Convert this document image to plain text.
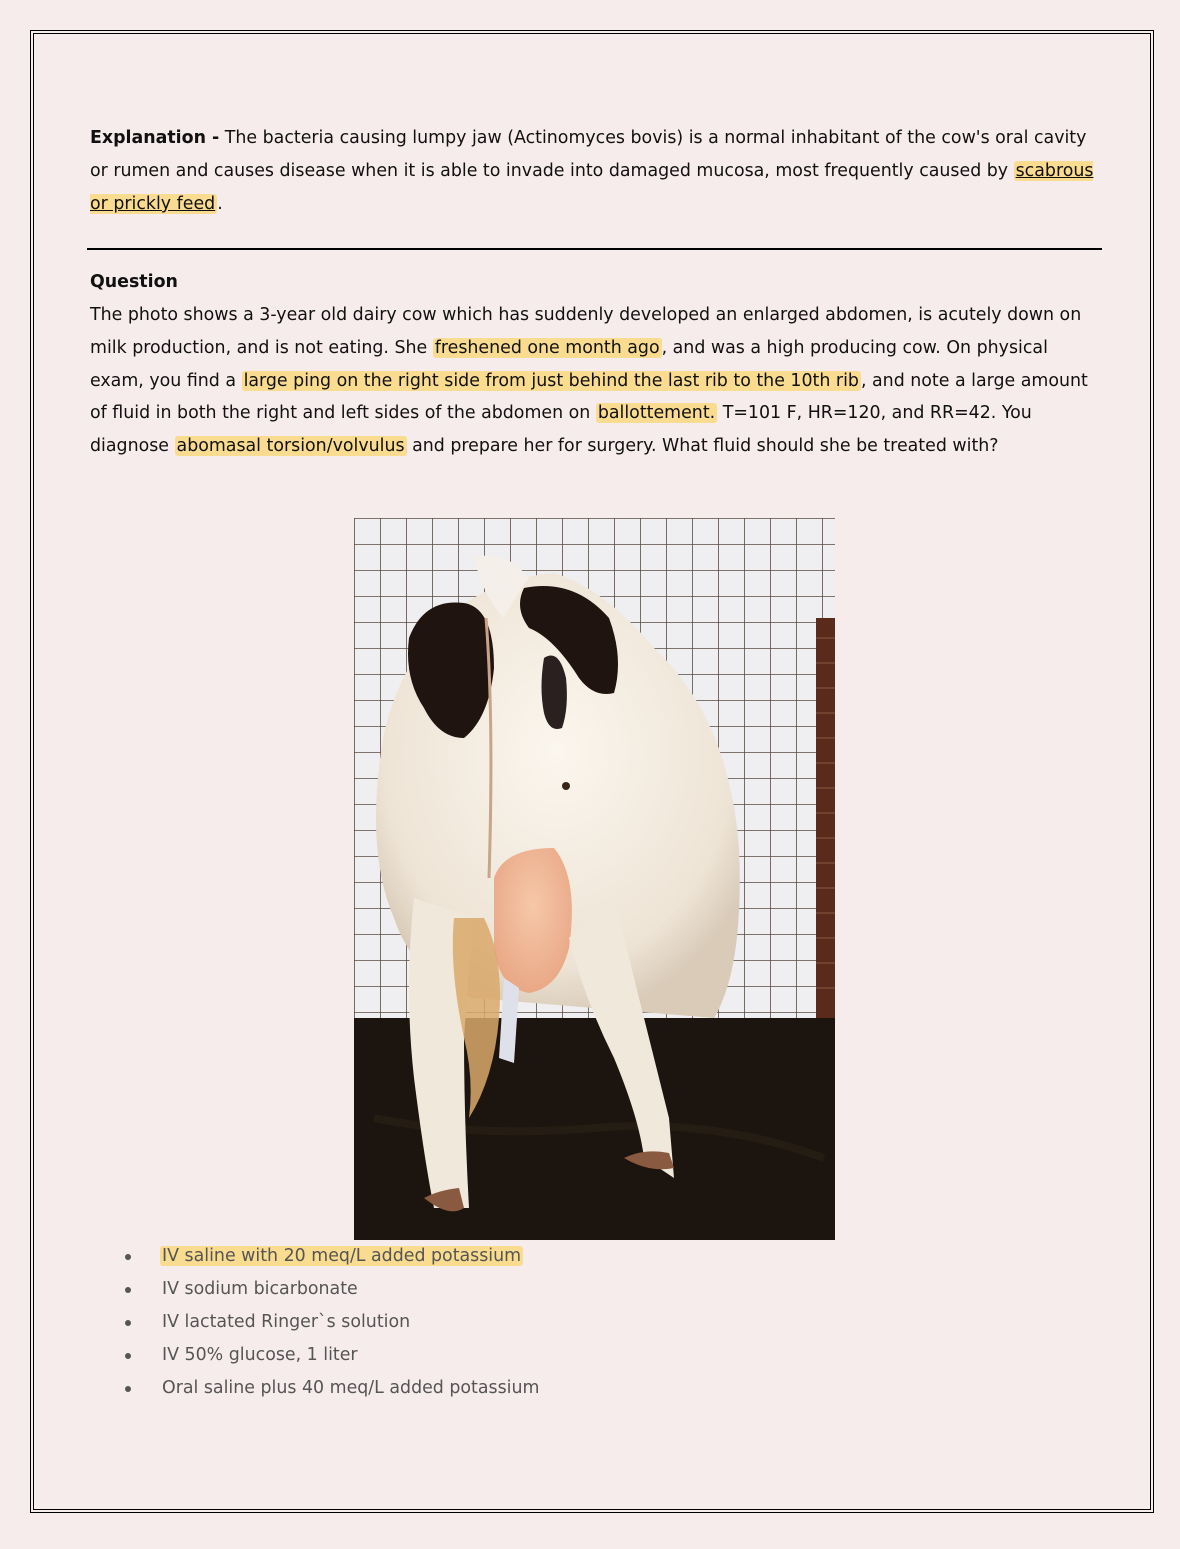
Explanation - The bacteria causing lumpy jaw (Actinomyces bovis) is a normal inhabitant of the cow's oral cavity or rumen and causes disease when it is able to invade into damaged mucosa, most frequently caused by scabrous or prickly feed .

Question

The photo shows a 3-year old dairy cow which has suddenly developed an enlarged abdomen, is acutely down on milk production, and is not eating. She freshened one month ago , and was a high producing cow. On physical exam, you find a large ping on the right side from just behind the last rib to the 10th rib , and note a large amount of fluid in both the right and left sides of the abdomen on ballottement. T=101 F, HR=120, and RR=42. You diagnose abomasal torsion/volvulus and prepare her for surgery. What fluid should she be treated with?

IV saline with 20 meq/L added potassium
IV sodium bicarbonate
IV lactated Ringer`s solution
IV 50% glucose, 1 liter
Oral saline plus 40 meq/L added potassium
